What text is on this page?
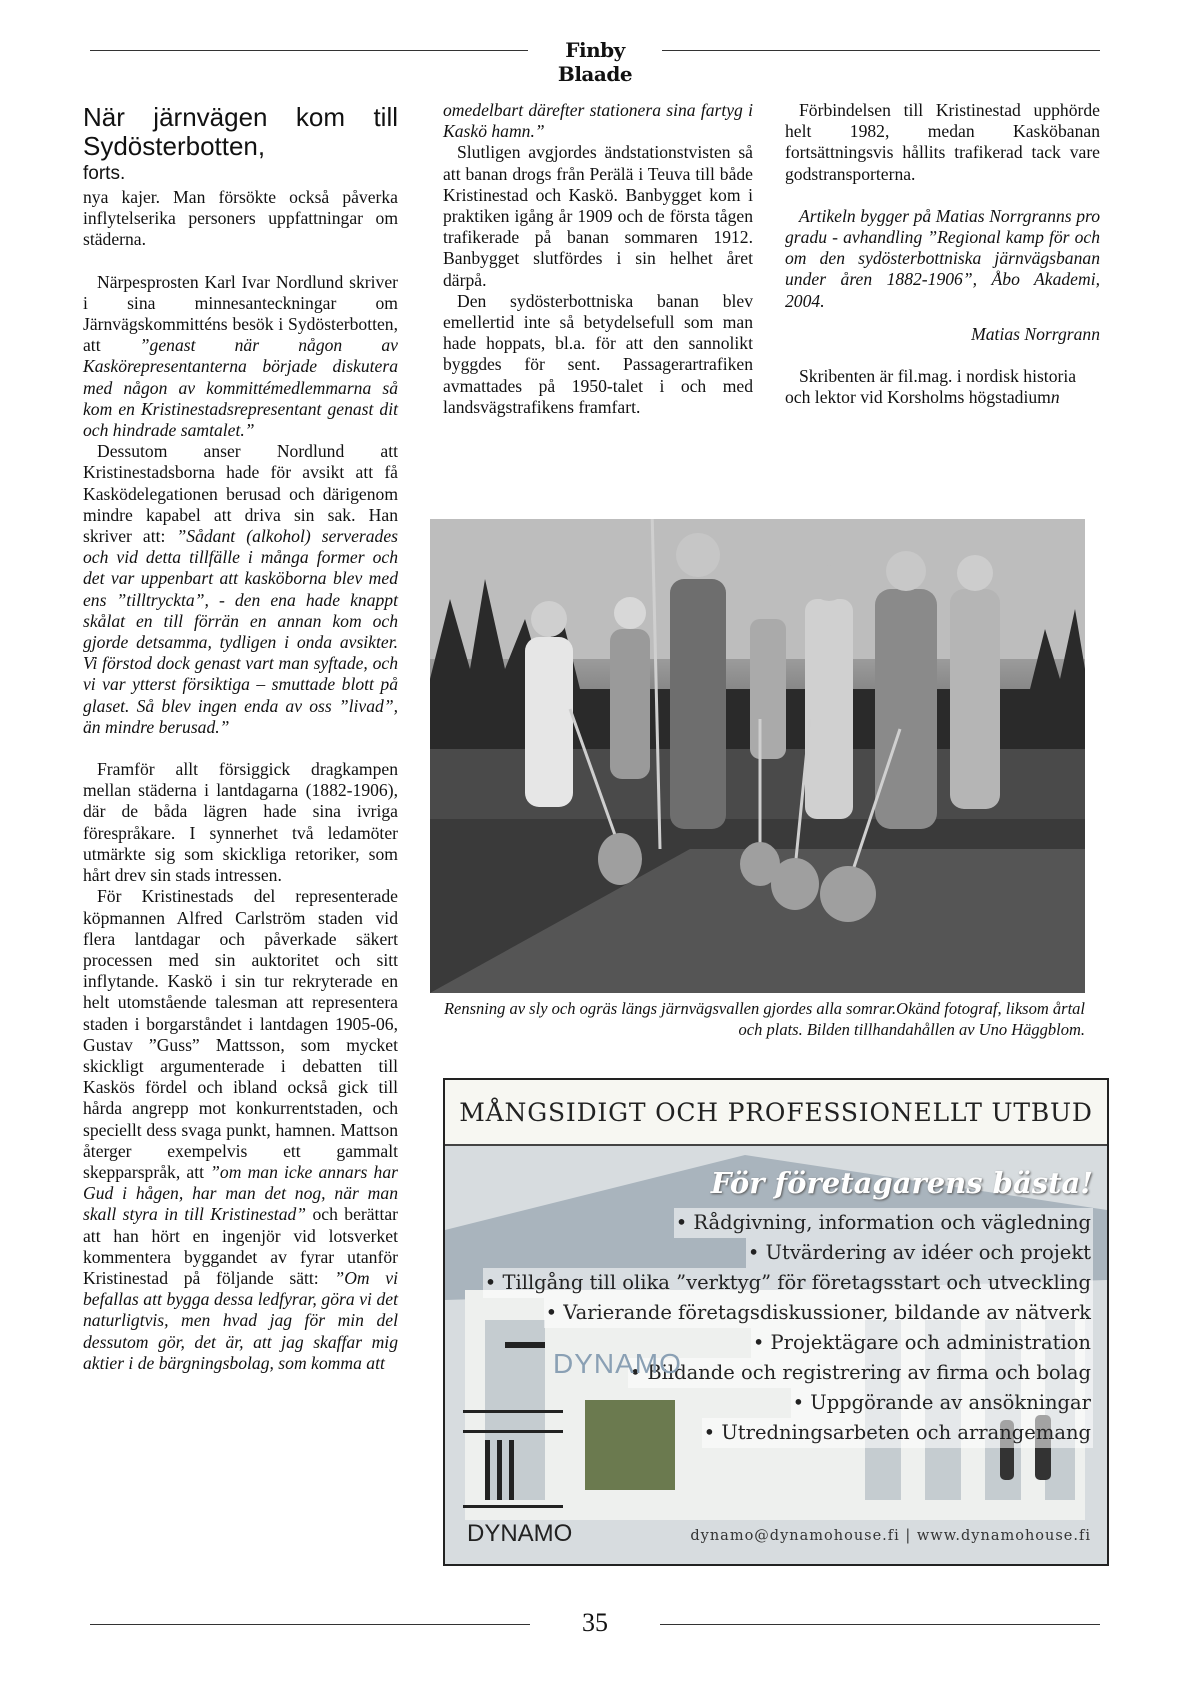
Finby Blaade
När järnvägen kom till Sydösterbotten,
forts.

nya kajer. Man försökte också påverka inflytelserika personers uppfattningar om städerna.

Närpesprosten Karl Ivar Nordlund skriver i sina minnesanteckningar om Järnvägskommitténs besök i Sydösterbotten, att ”genast när någon av Kaskörepresentanterna började diskutera med någon av kommittémedlemmarna så kom en Kristinestadsrepresentant genast dit och hindrade samtalet.”

Dessutom anser Nordlund att Kristinestadsborna hade för avsikt att få Kasködelegationen berusad och därigenom mindre kapabel att driva sin sak. Han skriver att: ”Sådant (alkohol) serverades och vid detta tillfälle i många former och det var uppenbart att kasköborna blev med ens ”tilltryckta”, - den ena hade knappt skålat en till förrän en annan kom och gjorde detsamma, tydligen i onda avsikter. Vi förstod dock genast vart man syftade, och vi var ytterst försiktiga – smuttade blott på glaset. Så blev ingen enda av oss ”livad”, än mindre berusad.”

Framför allt försiggick dragkampen mellan städerna i lantdagarna (1882-1906), där de båda lägren hade sina ivriga förespråkare. I synnerhet två ledamöter utmärkte sig som skickliga retoriker, som hårt drev sin stads intressen.

För Kristinestads del representerade köpmannen Alfred Carlström staden vid flera lantdagar och påverkade säkert processen med sin auktoritet och sitt inflytande. Kaskö i sin tur rekryterade en helt utomstående talesman att representera staden i borgarståndet i lantdagen 1905-06, Gustav ”Guss” Mattsson, som mycket skickligt argumenterade i debatten till Kaskös fördel och ibland också gick till hårda angrepp mot konkurrentstaden, och speciellt dess svaga punkt, hamnen. Mattson återger exempelvis ett gammalt skepparspråk, att ”om man icke annars har Gud i hågen, har man det nog, när man skall styra in till Kristinestad” och berättar att han hört en ingenjör vid lotsverket kommentera byggandet av fyrar utanför Kristinestad på följande sätt: ”Om vi befallas att bygga dessa ledfyrar, göra vi det naturligtvis, men hvad jag för min del dessutom gör, det är, att jag skaffar mig aktier i de bärgningsbolag, som komma att

omedelbart därefter stationera sina fartyg i Kaskö hamn.”

Slutligen avgjordes ändstationstvisten så att banan drogs från Perälä i Teuva till både Kristinestad och Kaskö. Banbygget kom i praktiken igång år 1909 och de första tågen trafikerade på banan sommaren 1912. Banbygget slutfördes i sin helhet året därpå.

Den sydösterbottniska banan blev emellertid inte så betydelsefull som man hade hoppats, bl.a. för att den sannolikt byggdes för sent. Passagerartrafiken avmattades på 1950-talet i och med landsvägstrafikens framfart.

Förbindelsen till Kristinestad upphörde helt 1982, medan Kasköbanan fortsättningsvis hållits trafikerad tack vare godstransporterna.

Artikeln bygger på Matias Norrgranns pro gradu - avhandling ”Regional kamp för och om den sydösterbottniska järnvägsbanan under åren 1882-1906”, Åbo Akademi, 2004.

Matias Norrgrann

Skribenten är fil.mag. i nordisk historia och lektor vid Korsholms högstadiumn

Rensning av sly och ogräs längs järnvägsvallen gjordes alla somrar.Okänd fotograf, liksom årtal och plats. Bilden tillhandahållen av Uno Häggblom.
MÅNGSIDIGT OCH PROFESSIONELLT UTBUD
För företagarens bästa!
• Rådgivning, information och vägledning
• Utvärdering av idéer och projekt
• Tillgång till olika ”verktyg” för företagsstart och utveckling
• Varierande företagsdiskussioner, bildande av nätverk
• Projektägare och administration
• Bildande och registrering av firma och bolag
• Uppgörande av ansökningar
• Utredningsarbeten och arrangemang
DYNAMO
DYNAMO	dynamo@dynamohouse.fi | www.dynamohouse.fi
35
